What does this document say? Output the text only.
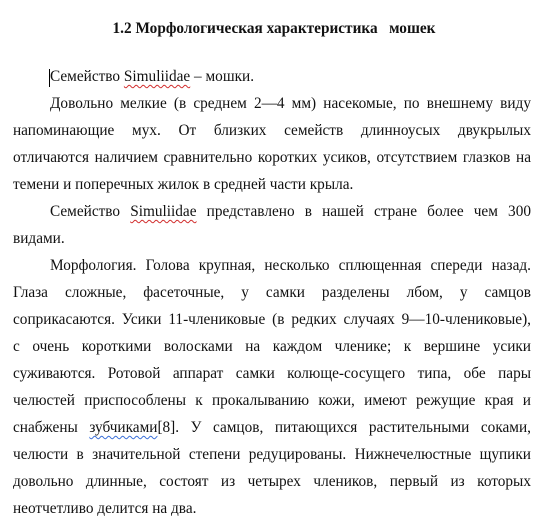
1.2 Морфологическая характеристика   мошек
Семейство Simuliidae – мошки.
Довольно мелкие (в среднем 2—4 мм) насекомые, по внешнему виду
напоминающие мух. От близких семейств длинноусых двукрылых
отличаются наличием сравнительно коротких усиков, отсутствием глазков на
темени и поперечных жилок в средней части крыла.
Семейство Simuliidae представлено в нашей стране более чем 300
видами.
Морфология. Голова крупная, несколько сплющенная спереди назад.
Глаза сложные, фасеточные, у самки разделены лбом, у самцов
соприкасаются. Усики 11-члениковые (в редких случаях 9—10-члениковые),
с очень короткими волосками на каждом членике; к вершине усики
суживаются. Ротовой аппарат самки колюще-сосущего типа, обе пары
челюстей приспособлены к прокалыванию кожи, имеют режущие края и
снабжены зубчиками[8]. У самцов, питающихся растительными соками,
челюсти в значительной степени редуцированы. Нижнечелюстные щупики
довольно длинные, состоят из четырех члеников, первый из которых
неотчетливо делится на два.
